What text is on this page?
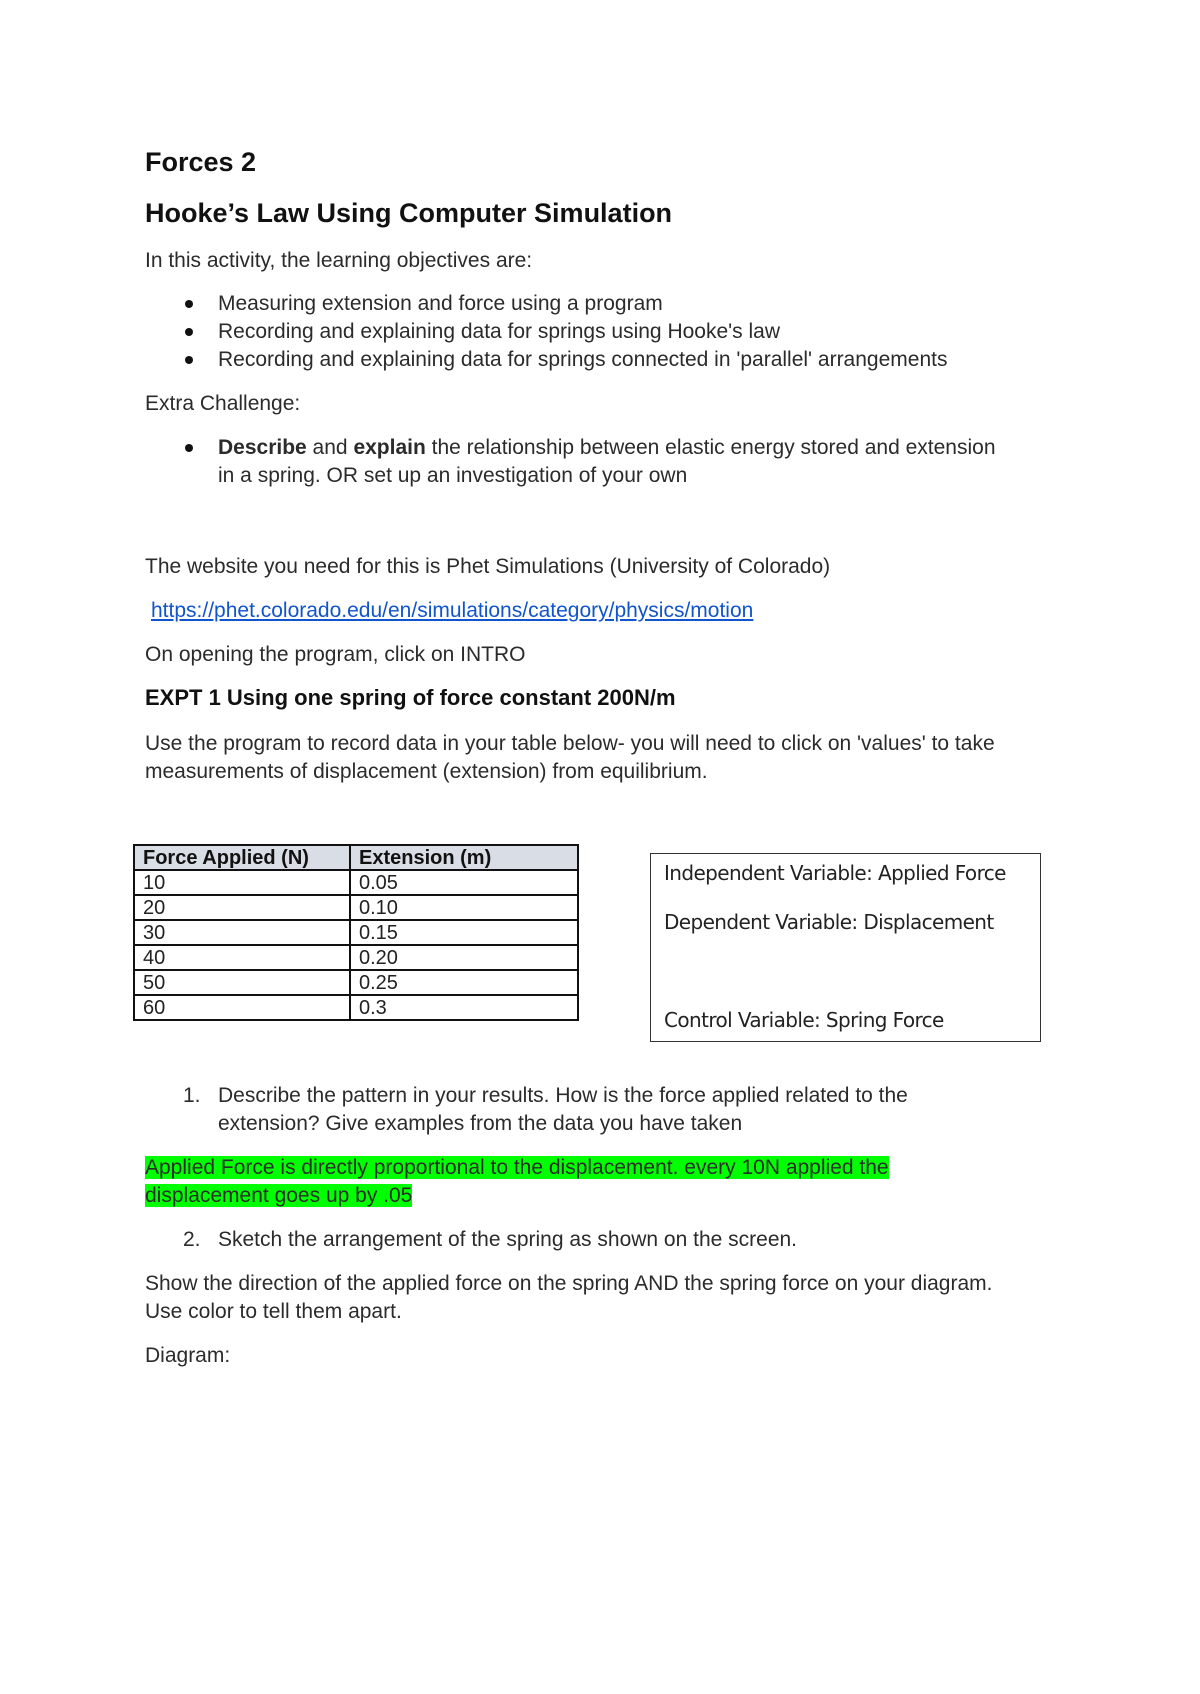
Forces 2
Hooke’s Law Using Computer Simulation
In this activity, the learning objectives are:
Measuring extension and force using a program
Recording and explaining data for springs using Hooke's law
Recording and explaining data for springs connected in 'parallel' arrangements
Extra Challenge:
Describe and explain the relationship between elastic energy stored and extension
in a spring. OR set up an investigation of your own
The website you need for this is Phet Simulations (University of Colorado)
https://phet.colorado.edu/en/simulations/category/physics/motion
On opening the program, click on INTRO
EXPT 1 Using one spring of force constant 200N/m
Use the program to record data in your table below- you will need to click on 'values' to take
measurements of displacement (extension) from equilibrium.
Force Applied (N)	Extension (m)
10	0.05
20	0.10
30	0.15
40	0.20
50	0.25
60	0.3
Independent Variable: Applied Force
Dependent Variable: Displacement
Control Variable: Spring Force
1. Describe the pattern in your results. How is the force applied related to the
extension? Give examples from the data you have taken
Applied Force is directly proportional to the displacement. every 10N applied the
displacement goes up by .05
2. Sketch the arrangement of the spring as shown on the screen.
Show the direction of the applied force on the spring AND the spring force on your diagram.
Use color to tell them apart.
Diagram:
